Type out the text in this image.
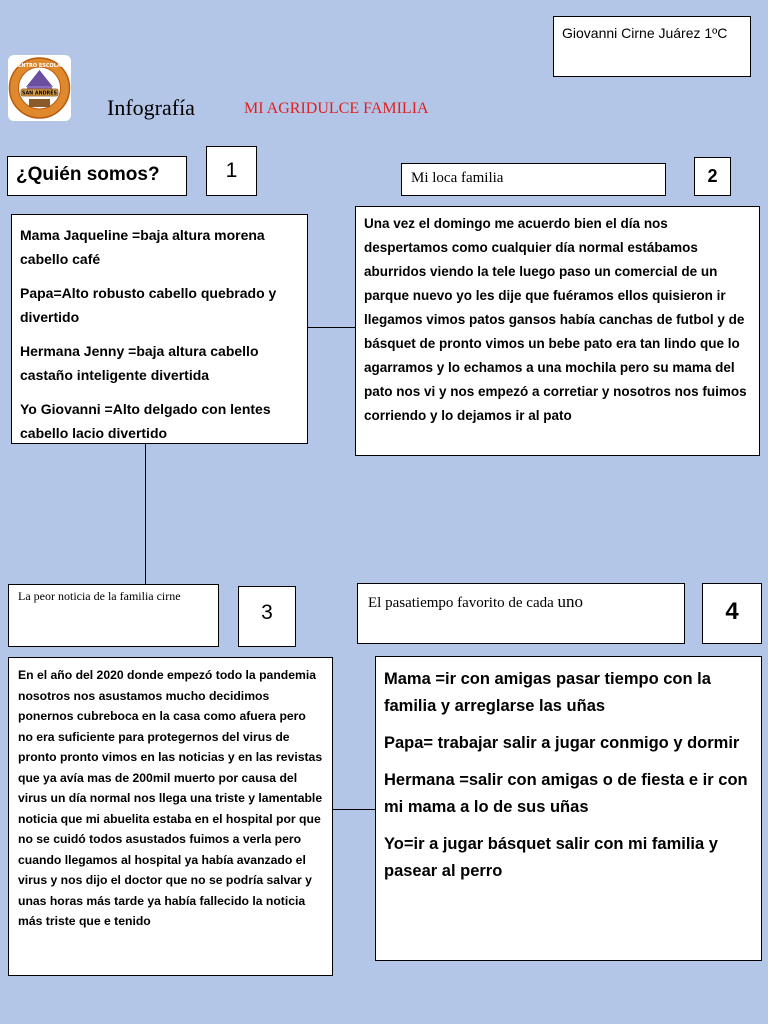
Giovanni Cirne Juárez 1ºC
SAN ANDRÉS
CENTRO ESCOLAR
Infografía	MI AGRIDULCE FAMILIA
¿Quién somos?	1

Mama Jaqueline =baja altura morena cabello café

Papa=Alto robusto cabello quebrado y divertido

Hermana Jenny =baja altura cabello castaño inteligente divertida

Yo Giovanni =Alto delgado con lentes cabello lacio divertido

Mi loca familia	2

Una vez el domingo me acuerdo bien el día nos despertamos como cualquier día normal estábamos aburridos viendo la tele luego paso un comercial de un parque nuevo yo les dije que fuéramos ellos quisieron ir llegamos vimos patos gansos había canchas de futbol y de básquet de pronto vimos un bebe pato era tan lindo que lo agarramos y lo echamos a una mochila pero su mama del pato nos vi y nos empezó a corretiar y nosotros nos fuimos corriendo y lo dejamos ir al pato

La peor noticia de la familia cirne
3

En el año del 2020 donde empezó todo la pandemia nosotros nos asustamos mucho decidimos ponernos cubreboca en la casa como afuera pero no era suficiente para protegernos del virus de pronto pronto vimos en las noticias y en las revistas que ya avía mas de 200mil muerto por causa del virus un día normal nos llega una triste y lamentable noticia que mi abuelita estaba en el hospital por que no se cuidó todos asustados fuimos a verla pero cuando llegamos al hospital ya había avanzado el virus y nos dijo el doctor que no se podría salvar y unas horas más tarde ya había fallecido la noticia más triste que e tenido

El pasatiempo favorito de cada uno	4

Mama =ir con amigas pasar tiempo con la familia y arreglarse las uñas

Papa= trabajar salir a jugar conmigo y dormir

Hermana =salir con amigas o de fiesta e ir con mi mama a lo de sus uñas

Yo=ir a jugar básquet salir con mi familia y pasear al perro
